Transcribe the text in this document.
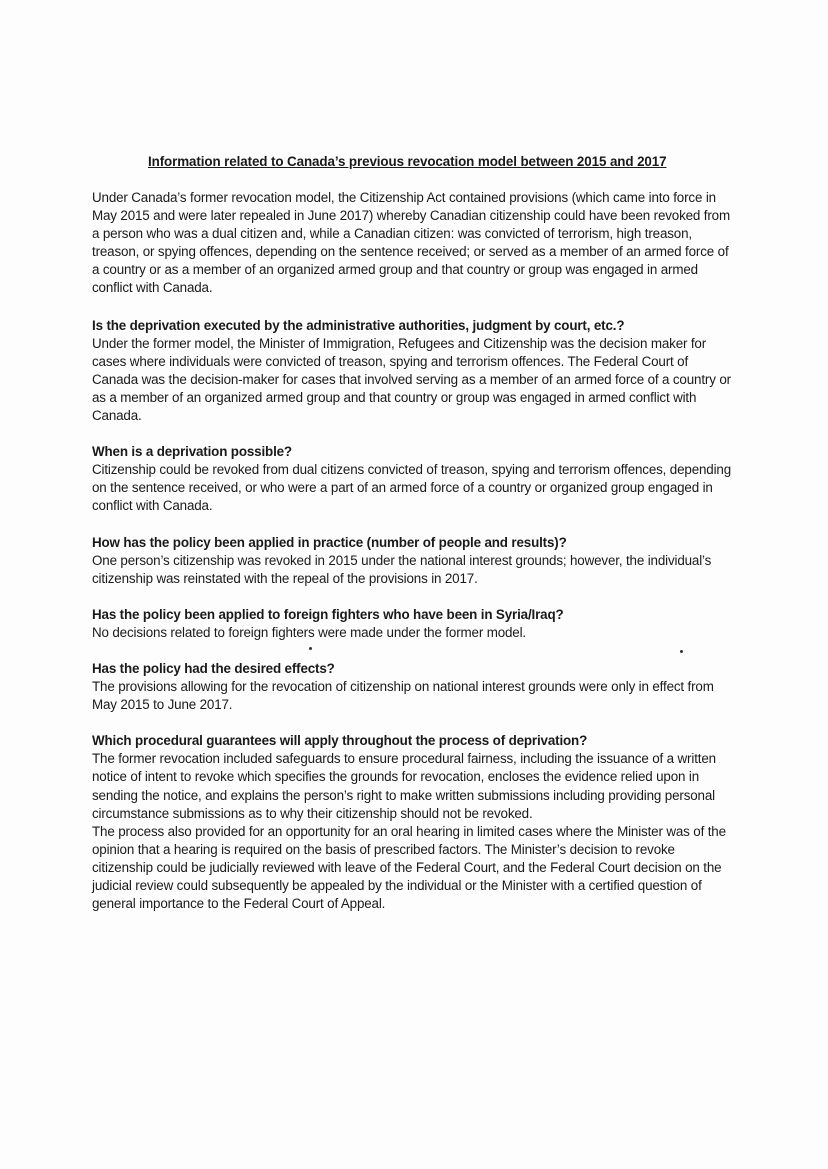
Information related to Canada’s previous revocation model between 2015 and 2017

Under Canada’s former revocation model, the Citizenship Act contained provisions (which came into force in May 2015 and were later repealed in June 2017) whereby Canadian citizenship could have been revoked from a person who was a dual citizen and, while a Canadian citizen: was convicted of terrorism, high treason, treason, or spying offences, depending on the sentence received; or served as a member of an armed force of a country or as a member of an organized armed group and that country or group was engaged in armed conflict with Canada.

Is the deprivation executed by the administrative authorities, judgment by court, etc.?

Under the former model, the Minister of Immigration, Refugees and Citizenship was the decision maker for cases where individuals were convicted of treason, spying and terrorism offences. The Federal Court of Canada was the decision-maker for cases that involved serving as a member of an armed force of a country or as a member of an organized armed group and that country or group was engaged in armed conflict with Canada.

When is a deprivation possible?

Citizenship could be revoked from dual citizens convicted of treason, spying and terrorism offences, depending on the sentence received, or who were a part of an armed force of a country or organized group engaged in conflict with Canada.

How has the policy been applied in practice (number of people and results)?

One person’s citizenship was revoked in 2015 under the national interest grounds; however, the individual’s citizenship was reinstated with the repeal of the provisions in 2017.

Has the policy been applied to foreign fighters who have been in Syria/Iraq?

No decisions related to foreign fighters were made under the former model.

Has the policy had the desired effects?

The provisions allowing for the revocation of citizenship on national interest grounds were only in effect from May 2015 to June 2017.

Which procedural guarantees will apply throughout the process of deprivation?

The former revocation included safeguards to ensure procedural fairness, including the issuance of a written notice of intent to revoke which specifies the grounds for revocation, encloses the evidence relied upon in sending the notice, and explains the person’s right to make written submissions including providing personal circumstance submissions as to why their citizenship should not be revoked.

The process also provided for an opportunity for an oral hearing in limited cases where the Minister was of the opinion that a hearing is required on the basis of prescribed factors. The Minister’s decision to revoke citizenship could be judicially reviewed with leave of the Federal Court, and the Federal Court decision on the judicial review could subsequently be appealed by the individual or the Minister with a certified question of general importance to the Federal Court of Appeal.
